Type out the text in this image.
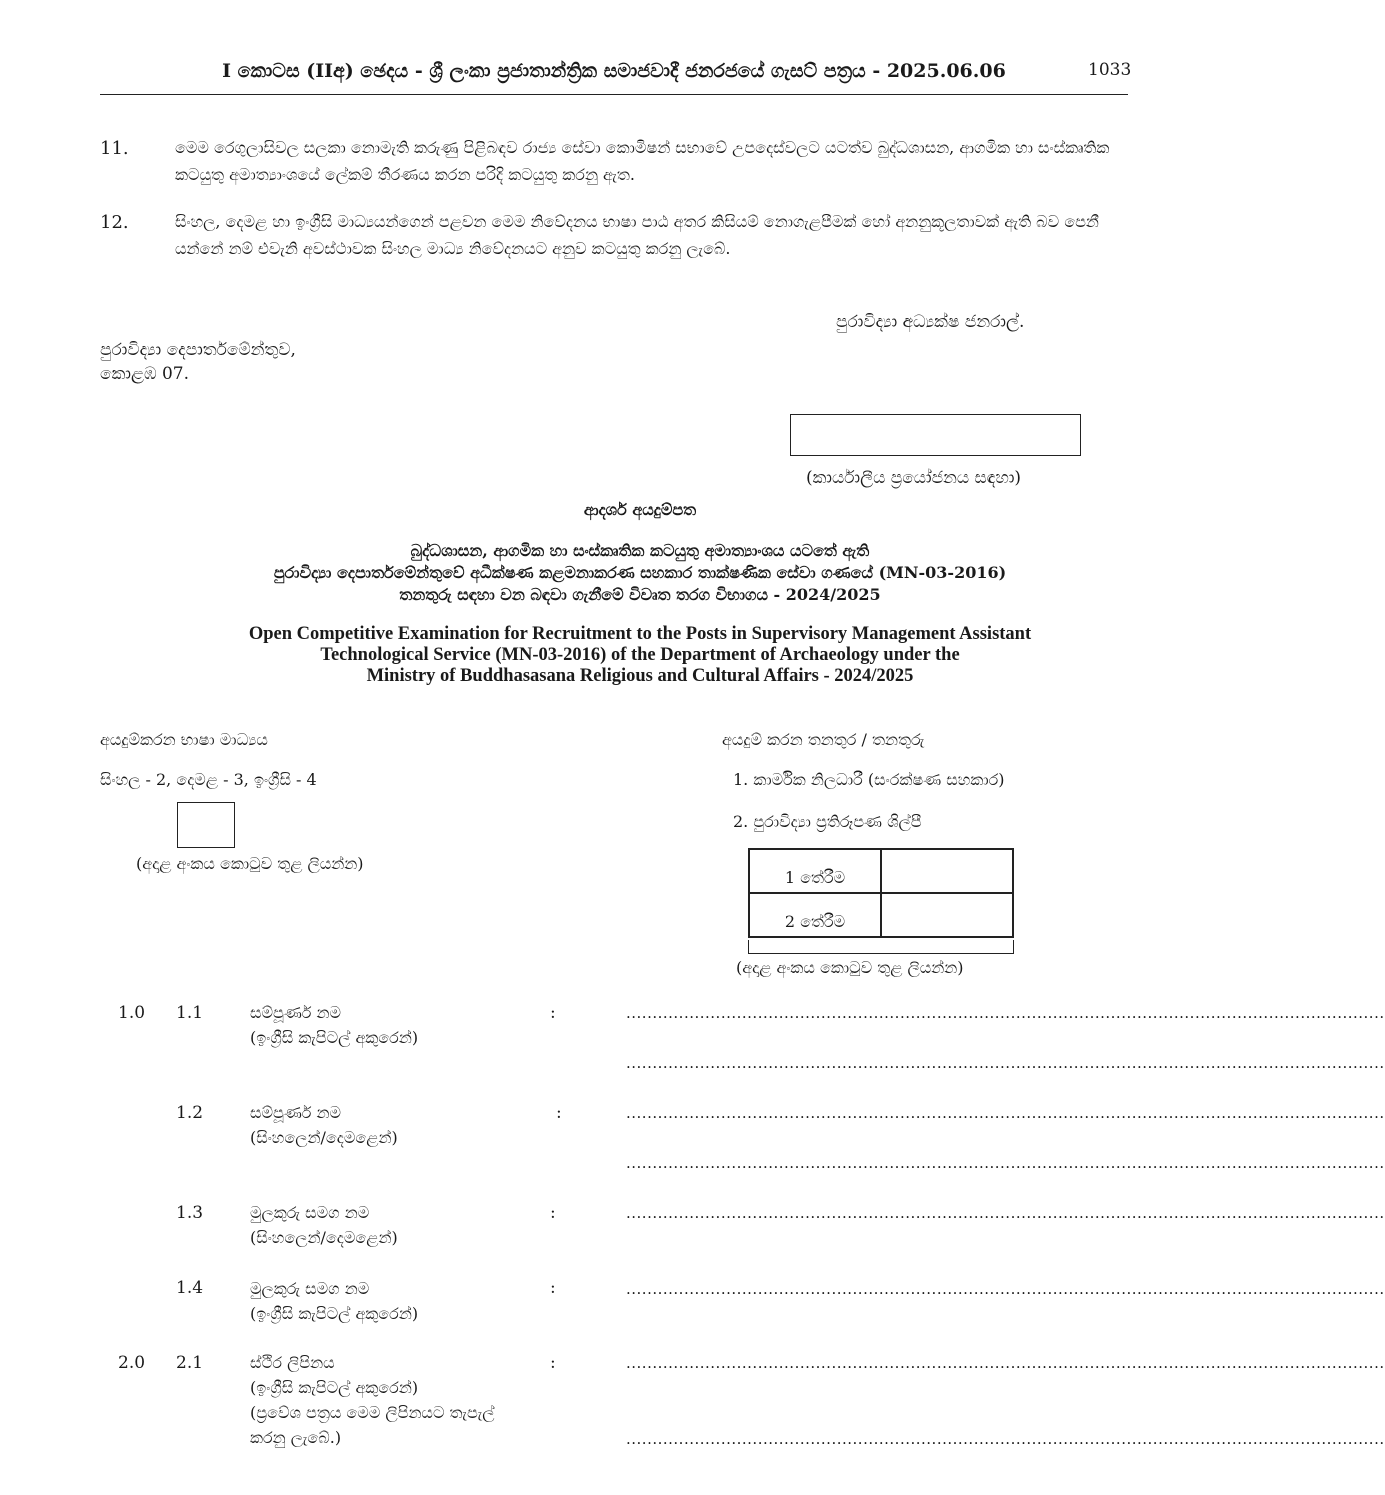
I කොටස (IIඅ) ඡෙදය - ශ්‍රී ලංකා ප්‍රජාතාන්ත්‍රික සමාජවාදී ජනරජයේ ගැසට් පත්‍රය - 2025.06.06	1033
11.	මෙම රෙගුලාසිවල සලකා නොමැති කරුණු පිළිබඳව රාජ්‍ය සේවා කොමිෂන් සභාවේ උපදෙස්වලට යටත්ව බුද්ධශාසන, ආගමික හා සංස්කෘතික කටයුතු අමාත්‍යාංශයේ ලේකම් තීරණය කරන පරිදි කටයුතු කරනු ඇත.
12.	සිංහල, දෙමළ හා ඉංග්‍රීසි මාධ්‍යයන්ගෙන් පළවන මෙම නිවේදනය භාෂා පාඨ අතර කිසියම් නොගැළපීමක් හෝ අනනුකූලතාවක් ඇති බව පෙනී යන්නේ නම් එවැනි අවස්ථාවක සිංහල මාධ්‍ය නිවේදනයට අනුව කටයුතු කරනු ලැබේ.
පුරාවිද්‍යා අධ්‍යක්ෂ ජනරාල්.
පුරාවිද්‍යා දෙපාර්තමේන්තුව,
කොළඹ 07.
(කාර්යාලීය ප්‍රයෝජනය සඳහා)
ආදර්ශ අයදුම්පත
බුද්ධශාසන, ආගමික හා සංස්කෘතික කටයුතු අමාත්‍යාංශය යටතේ ඇති
පුරාවිද්‍යා දෙපාර්තමේන්තුවේ අධීක්ෂණ කළමනාකරණ සහකාර තාක්ෂණික සේවා ගණයේ (MN-03-2016)
තනතුරු සඳහා වන බඳවා ගැනීමේ විවෘත තරග විභාගය - 2024/2025
Open Competitive Examination for Recruitment to the Posts in Supervisory Management Assistant
Technological Service (MN-03-2016) of the Department of Archaeology under the
Ministry of Buddhasasana Religious and Cultural Affairs - 2024/2025
අයදුම්කරන භාෂා මාධ්‍යය
සිංහල - 2, දෙමළ - 3, ඉංග්‍රීසි - 4
(අදාළ අංකය කොටුව තුළ ලියන්න)
අයදුම් කරන තනතුර / තනතුරු
1. කාර්මික නිලධාරී (සංරක්ෂණ සහකාර)
2. පුරාවිද්‍යා ප්‍රතිරූපණ ශිල්පී
1 තේරීම	
2 තේරීම	
(අදාළ අංකය කොටුව තුළ ලියන්න)
1.0 1.1	සම්පූර්ණ නම
(ඉංග්‍රීසි කැපිටල් අකුරෙන්)
:	................................................................................................................................................
................................................................................................................................................
1.2	සම්පූර්ණ නම
(සිංහලෙන්/දෙමළෙන්)
:	................................................................................................................................................
................................................................................................................................................
1.3	මුලකුරු සමග නම
(සිංහලෙන්/දෙමළෙන්)
:	................................................................................................................................................
1.4	මුලකුරු සමග නම
(ඉංග්‍රීසි කැපිටල් අකුරෙන්)
:	................................................................................................................................................
2.0 2.1	ස්ථිර ලිපිනය
(ඉංග්‍රීසි කැපිටල් අකුරෙන්)
(ප්‍රවේශ පත්‍රය මෙම ලිපිනයට තැපැල්
කරනු ලැබේ.)
:	................................................................................................................................................
................................................................................................................................................
